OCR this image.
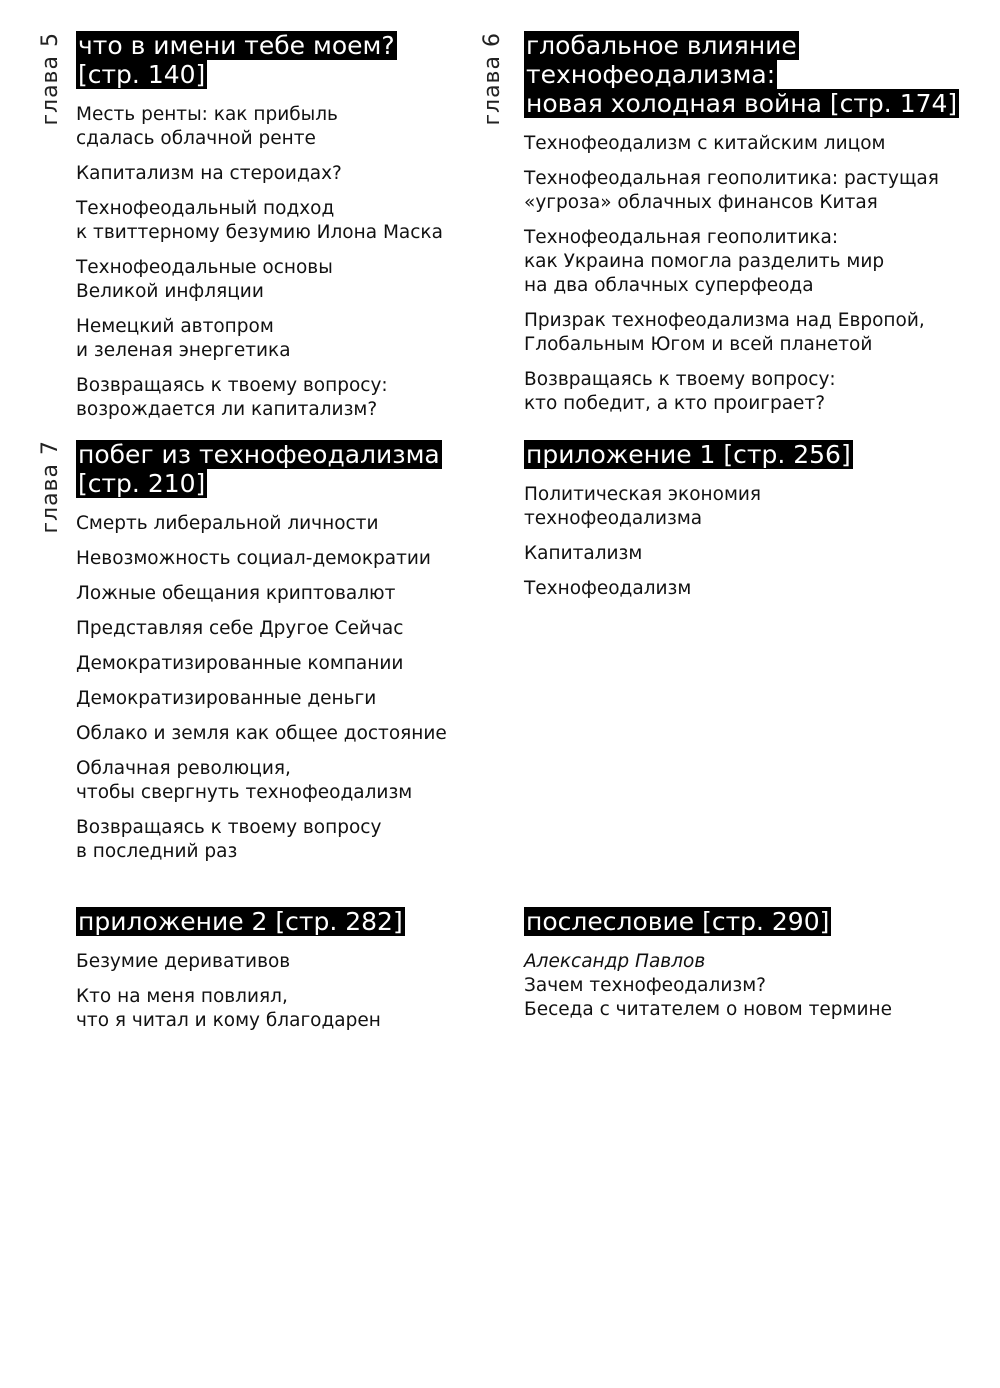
глава 5 что в имени тебе моем?
[стр. 140]
Месть ренты: как прибыль
сдалась облачной ренте
Капитализм на стероидах?
Технофеодальный подход
к твиттерному безумию Илона Маска
Технофеодальные основы
Великой инфляции
Немецкий автопром
и зеленая энергетика
Возвращаясь к твоему вопросу:
возрождается ли капитализм?
глава 6 глобальное влияние
технофеодализма:
новая холодная война [стр. 174]
Технофеодализм с китайским лицом
Технофеодальная геополитика: растущая
«угроза» облачных финансов Китая
Технофеодальная геополитика:
как Украина помогла разделить мир
на два облачных суперфеода
Призрак технофеодализма над Европой,
Глобальным Югом и всей планетой
Возвращаясь к твоему вопросу:
кто победит, а кто проиграет?
глава 7 побег из технофеодализма
[стр. 210]
Смерть либеральной личности
Невозможность социал-демократии
Ложные обещания криптовалют
Представляя себе Другое Сейчас
Демократизированные компании
Демократизированные деньги
Облако и земля как общее достояние
Облачная революция,
чтобы свергнуть технофеодализм
Возвращаясь к твоему вопросу
в последний раз
приложение 1 [стр. 256]
Политическая экономия
технофеодализма
Капитализм
Технофеодализм
приложение 2 [стр. 282]
Безумие деривативов
Кто на меня повлиял,
что я читал и кому благодарен
послесловие [стр. 290]
Александр Павлов
Зачем технофеодализм?
Беседа с читателем о новом термине
